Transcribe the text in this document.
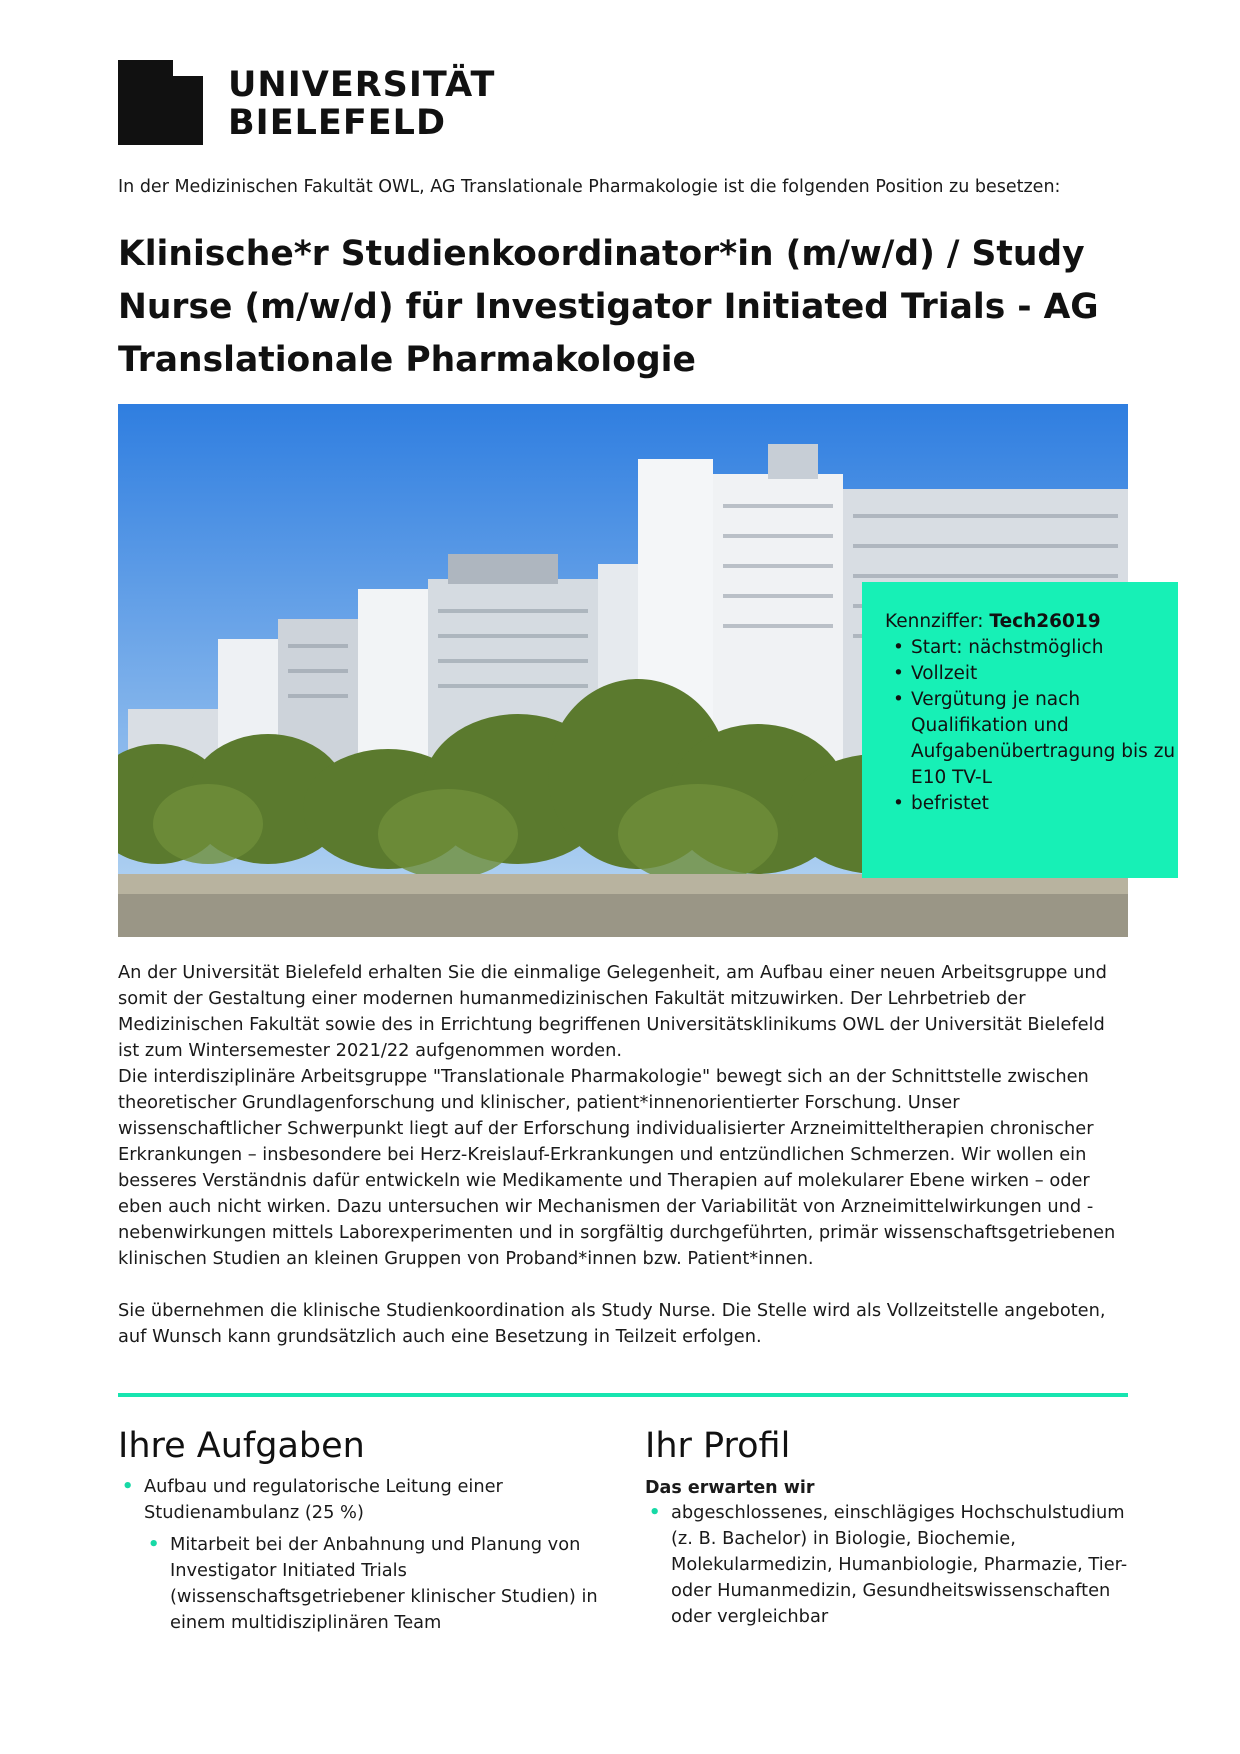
UNIVERSITÄT
BIELEFELD
In der Medizinischen Fakultät OWL, AG Translationale Pharmakologie ist die folgenden Position zu besetzen:
Klinische*r Studienkoordinator*in (m/w/d) / Study Nurse (m/w/d) für Investigator Initiated Trials - AG Translationale Pharmakologie
Kennziffer: Tech26019
• Start: nächstmöglich
• Vollzeit
• Vergütung je nach Qualifikation und Aufgabenübertragung bis zu E10 TV-L
• befristet

An der Universität Bielefeld erhalten Sie die einmalige Gelegenheit, am Aufbau einer neuen Arbeitsgruppe und somit der Gestaltung einer modernen humanmedizinischen Fakultät mitzuwirken. Der Lehrbetrieb der Medizinischen Fakultät sowie des in Errichtung begriffenen Universitätsklinikums OWL der Universität Bielefeld ist zum Wintersemester 2021/22 aufgenommen worden.

Die interdisziplinäre Arbeitsgruppe "Translationale Pharmakologie" bewegt sich an der Schnittstelle zwischen theoretischer Grundlagenforschung und klinischer, patient*innenorientierter Forschung. Unser wissenschaftlicher Schwerpunkt liegt auf der Erforschung individualisierter Arzneimitteltherapien chronischer Erkrankungen – insbesondere bei Herz-Kreislauf-Erkrankungen und entzündlichen Schmerzen. Wir wollen ein besseres Verständnis dafür entwickeln wie Medikamente und Therapien auf molekularer Ebene wirken – oder eben auch nicht wirken. Dazu untersuchen wir Mechanismen der Variabilität von Arzneimittelwirkungen und -nebenwirkungen mittels Laborexperimenten und in sorgfältig durchgeführten, primär wissenschaftsgetriebenen klinischen Studien an kleinen Gruppen von Proband*innen bzw. Patient*innen.

Sie übernehmen die klinische Studienkoordination als Study Nurse. Die Stelle wird als Vollzeitstelle angeboten, auf Wunsch kann grundsätzlich auch eine Besetzung in Teilzeit erfolgen.

Ihre Aufgaben
• Aufbau und regulatorische Leitung einer Studienambulanz (25 %)
• Mitarbeit bei der Anbahnung und Planung von Investigator Initiated Trials (wissenschaftsgetriebener klinischer Studien) in einem multidisziplinären Team
Ihr Profil
Das erwarten wir
• abgeschlossenes, einschlägiges Hochschulstudium (z. B. Bachelor) in Biologie, Biochemie, Molekularmedizin, Humanbiologie, Pharmazie, Tier- oder Humanmedizin, Gesundheitswissenschaften oder vergleichbar
